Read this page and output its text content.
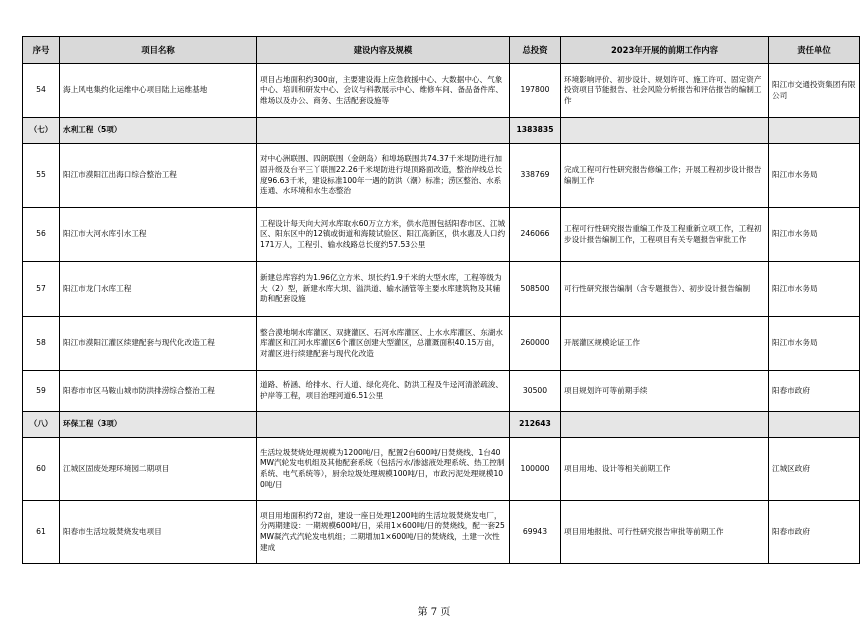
序号	项目名称	建设内容及规模	总投资	2023年开展的前期工作内容	责任单位
54	海上风电集约化运维中心项目陆上运维基地	项目占地面积约300亩，主要建设海上应急救援中心、大数据中心、气象中心、培训和研发中心、会议与科教展示中心、维修车间、备品备件库、维场以及办公、商务、生活配套设施等	197800	环境影响评价、初步设计、规划许可、施工许可、固定资产投资项目节能报告、社会风险分析报告和评估报告的编制工作	阳江市交通投资集团有限公司
（七）	水利工程（5项）		1383835		
55	阳江市漠阳江出海口综合整治工程	对中心洲联围、四朗联围（金朗岛）和埠场联围共74.37千米堤防进行加固升级及台平三丫联围22.26千米堤防进行堤顶路面改造，整治岸线总长度96.63千米，建设标准100年一遇的防洪（潮）标准；涝区整治、水系连通、水环境和水生态整治	338769	完成工程可行性研究报告修编工作；开展工程初步设计报告编制工作	阳江市水务局
56	阳江市大河水库引水工程	工程设计每天向大河水库取水60万立方米，供水范围包括阳春市区、江城区、阳东区中的12镇或街道和海陵试验区、阳江高新区，供水惠及人口约171万人，工程引、输水线路总长度约57.53公里	246066	工程可行性研究报告重编工作及工程重新立项工作，工程初步设计报告编制工作，工程项目有关专题报告审批工作	阳江市水务局
57	阳江市龙门水库工程	新建总库容约为1.96亿立方米、坝长约1.9千米的大型水库，工程等级为大（2）型，新建水库大坝、溢洪道、输水涵管等主要水库建筑物及其辅助和配套设施	508500	可行性研究报告编制（含专题报告）、初步设计报告编制	阳江市水务局
58	阳江市漠阳江灌区续建配套与现代化改造工程	整合漠地垌水库灌区、双捷灌区、石河水库灌区、上水水库灌区、东湖水库灌区和江河水库灌区6个灌区创建大型灌区，总灌溉面积40.15万亩，对灌区进行续建配套与现代化改造	260000	开展灌区规模论证工作	阳江市水务局
59	阳春市市区马鞍山城市防洪排涝综合整治工程	道路、桥涵、给排水、行人道、绿化亮化、防洪工程及牛迳河清淤疏浚、护岸等工程，项目治理河道6.51公里	30500	项目规划许可等前期手续	阳春市政府
（八）	环保工程（3项）		212643		
60	江城区固废处理环境园二期项目	生活垃圾焚烧处理规模为1200吨/日，配置2台600吨/日焚烧线、1台40MW汽轮发电机组及其他配套系统（包括污水/渗滤液处理系统、热工控制系统、电气系统等），厨余垃圾处理规模100吨/日，市政污泥处理规模100吨/日	100000	项目用地、设计等相关前期工作	江城区政府
61	阳春市生活垃圾焚烧发电项目	项目用地面积约72亩，建设一座日处理1200吨的生活垃圾焚烧发电厂，分两期建设：一期规模600吨/日，采用1×600吨/日的焚烧线，配一套25MW凝汽式汽轮发电机组；二期增加1×600吨/日的焚烧线，土建一次性建成	69943	项目用地报批、可行性研究报告审批等前期工作	阳春市政府
第 7 页
